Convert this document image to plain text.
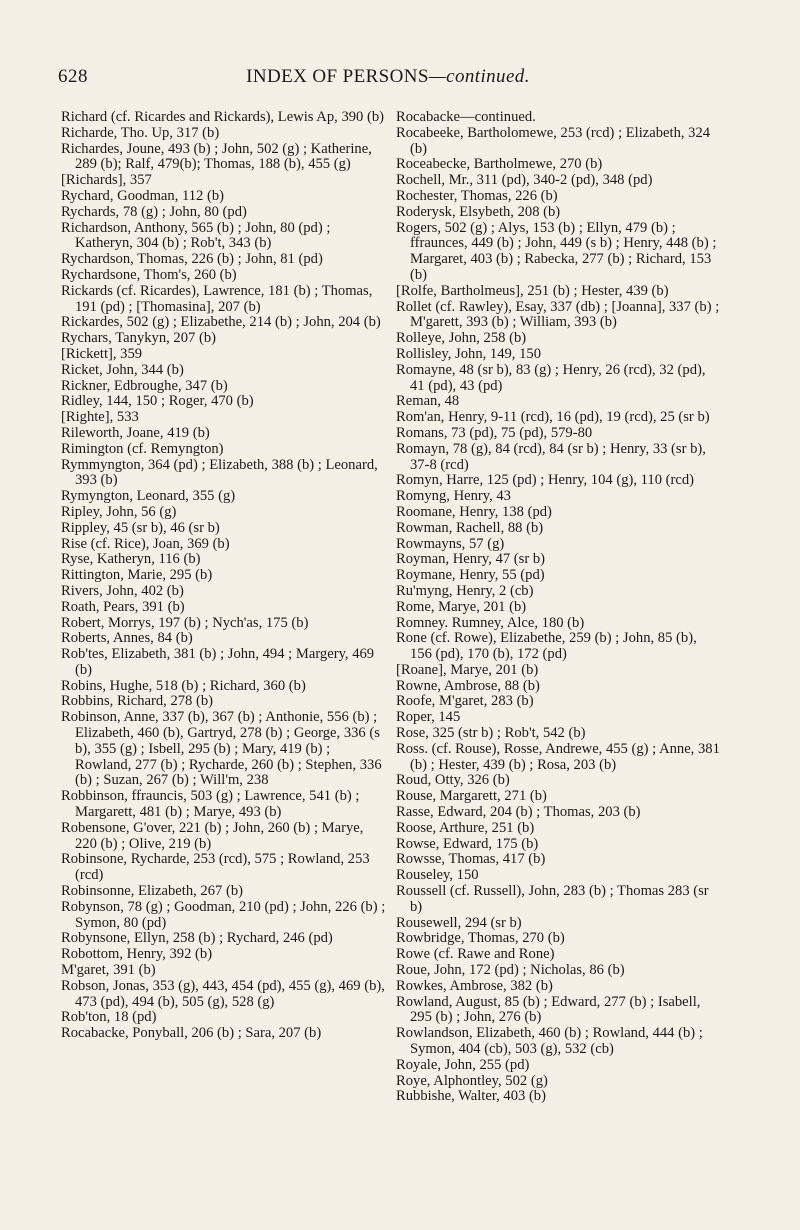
628	INDEX OF PERSONS—continued.

Richard (cf. Ricardes and Rickards), Lewis Ap, 390 (b)

Richarde, Tho. Up, 317 (b)

Richardes, Joune, 493 (b) ; John, 502 (g) ; Katherine, 289 (b); Ralf, 479(b); Thomas, 188 (b), 455 (g)

[Richards], 357

Rychard, Goodman, 112 (b)

Rychards, 78 (g) ; John, 80 (pd)

Richardson, Anthony, 565 (b) ; John, 80 (pd) ; Katheryn, 304 (b) ; Rob't, 343 (b)

Rychardson, Thomas, 226 (b) ; John, 81 (pd)

Rychardsone, Thom's, 260 (b)

Rickards (cf. Ricardes), Lawrence, 181 (b) ; Thomas, 191 (pd) ; [Thomasina], 207 (b)

Rickardes, 502 (g) ; Elizabethe, 214 (b) ; John, 204 (b)

Rychars, Tanykyn, 207 (b)

[Rickett], 359

Ricket, John, 344 (b)

Rickner, Edbroughe, 347 (b)

Ridley, 144, 150 ; Roger, 470 (b)

[Righte], 533

Rileworth, Joane, 419 (b)

Rimington (cf. Remyngton)

Rymmyngton, 364 (pd) ; Elizabeth, 388 (b) ; Leonard, 393 (b)

Rymyngton, Leonard, 355 (g)

Ripley, John, 56 (g)

Rippley, 45 (sr b), 46 (sr b)

Rise (cf. Rice), Joan, 369 (b)

Ryse, Katheryn, 116 (b)

Rittington, Marie, 295 (b)

Rivers, John, 402 (b)

Roath, Pears, 391 (b)

Robert, Morrys, 197 (b) ; Nych'as, 175 (b)

Roberts, Annes, 84 (b)

Rob'tes, Elizabeth, 381 (b) ; John, 494 ; Margery, 469 (b)

Robins, Hughe, 518 (b) ; Richard, 360 (b)

Robbins, Richard, 278 (b)

Robinson, Anne, 337 (b), 367 (b) ; Anthonie, 556 (b) ; Elizabeth, 460 (b), Gartryd, 278 (b) ; George, 336 (s b), 355 (g) ; Isbell, 295 (b) ; Mary, 419 (b) ; Rowland, 277 (b) ; Rycharde, 260 (b) ; Stephen, 336 (b) ; Suzan, 267 (b) ; Will'm, 238

Robbinson, ffrauncis, 503 (g) ; Lawrence, 541 (b) ; Margarett, 481 (b) ; Marye, 493 (b)

Robensone, G'over, 221 (b) ; John, 260 (b) ; Marye, 220 (b) ; Olive, 219 (b)

Robinsone, Rycharde, 253 (rcd), 575 ; Rowland, 253 (rcd)

Robinsonne, Elizabeth, 267 (b)

Robynson, 78 (g) ; Goodman, 210 (pd) ; John, 226 (b) ; Symon, 80 (pd)

Robynsone, Ellyn, 258 (b) ; Rychard, 246 (pd)

Robottom, Henry, 392 (b)

M'garet, 391 (b)

Robson, Jonas, 353 (g), 443, 454 (pd), 455 (g), 469 (b), 473 (pd), 494 (b), 505 (g), 528 (g)

Rob'ton, 18 (pd)

Rocabacke, Ponyball, 206 (b) ; Sara, 207 (b)

Rocabacke—continued.

Rocabeeke, Bartholomewe, 253 (rcd) ; Elizabeth, 324 (b)

Roceabecke, Bartholmewe, 270 (b)

Rochell, Mr., 311 (pd), 340-2 (pd), 348 (pd)

Rochester, Thomas, 226 (b)

Roderysk, Elsybeth, 208 (b)

Rogers, 502 (g) ; Alys, 153 (b) ; Ellyn, 479 (b) ; ffraunces, 449 (b) ; John, 449 (s b) ; Henry, 448 (b) ; Margaret, 403 (b) ; Rabecka, 277 (b) ; Richard, 153 (b)

[Rolfe, Bartholmeus], 251 (b) ; Hester, 439 (b)

Rollet (cf. Rawley), Esay, 337 (db) ; [Joanna], 337 (b) ; M'garett, 393 (b) ; William, 393 (b)

Rolleye, John, 258 (b)

Rollisley, John, 149, 150

Romayne, 48 (sr b), 83 (g) ; Henry, 26 (rcd), 32 (pd), 41 (pd), 43 (pd)

Reman, 48

Rom'an, Henry, 9-11 (rcd), 16 (pd), 19 (rcd), 25 (sr b)

Romans, 73 (pd), 75 (pd), 579-80

Romayn, 78 (g), 84 (rcd), 84 (sr b) ; Henry, 33 (sr b), 37-8 (rcd)

Romyn, Harre, 125 (pd) ; Henry, 104 (g), 110 (rcd)

Romyng, Henry, 43

Roomane, Henry, 138 (pd)

Rowman, Rachell, 88 (b)

Rowmayns, 57 (g)

Royman, Henry, 47 (sr b)

Roymane, Henry, 55 (pd)

Ru'myng, Henry, 2 (cb)

Rome, Marye, 201 (b)

Romney. Rumney, Alce, 180 (b)

Rone (cf. Rowe), Elizabethe, 259 (b) ; John, 85 (b), 156 (pd), 170 (b), 172 (pd)

[Roane], Marye, 201 (b)

Rowne, Ambrose, 88 (b)

Roofe, M'garet, 283 (b)

Roper, 145

Rose, 325 (str b) ; Rob't, 542 (b)

Ross. (cf. Rouse), Rosse, Andrewe, 455 (g) ; Anne, 381 (b) ; Hester, 439 (b) ; Rosa, 203 (b)

Roud, Otty, 326 (b)

Rouse, Margarett, 271 (b)

Rasse, Edward, 204 (b) ; Thomas, 203 (b)

Roose, Arthure, 251 (b)

Rowse, Edward, 175 (b)

Rowsse, Thomas, 417 (b)

Rouseley, 150

Roussell (cf. Russell), John, 283 (b) ; Thomas 283 (sr b)

Rousewell, 294 (sr b)

Rowbridge, Thomas, 270 (b)

Rowe (cf. Rawe and Rone)

Roue, John, 172 (pd) ; Nicholas, 86 (b)

Rowkes, Ambrose, 382 (b)

Rowland, August, 85 (b) ; Edward, 277 (b) ; Isabell, 295 (b) ; John, 276 (b)

Rowlandson, Elizabeth, 460 (b) ; Rowland, 444 (b) ; Symon, 404 (cb), 503 (g), 532 (cb)

Royale, John, 255 (pd)

Roye, Alphontley, 502 (g)

Rubbishe, Walter, 403 (b)
